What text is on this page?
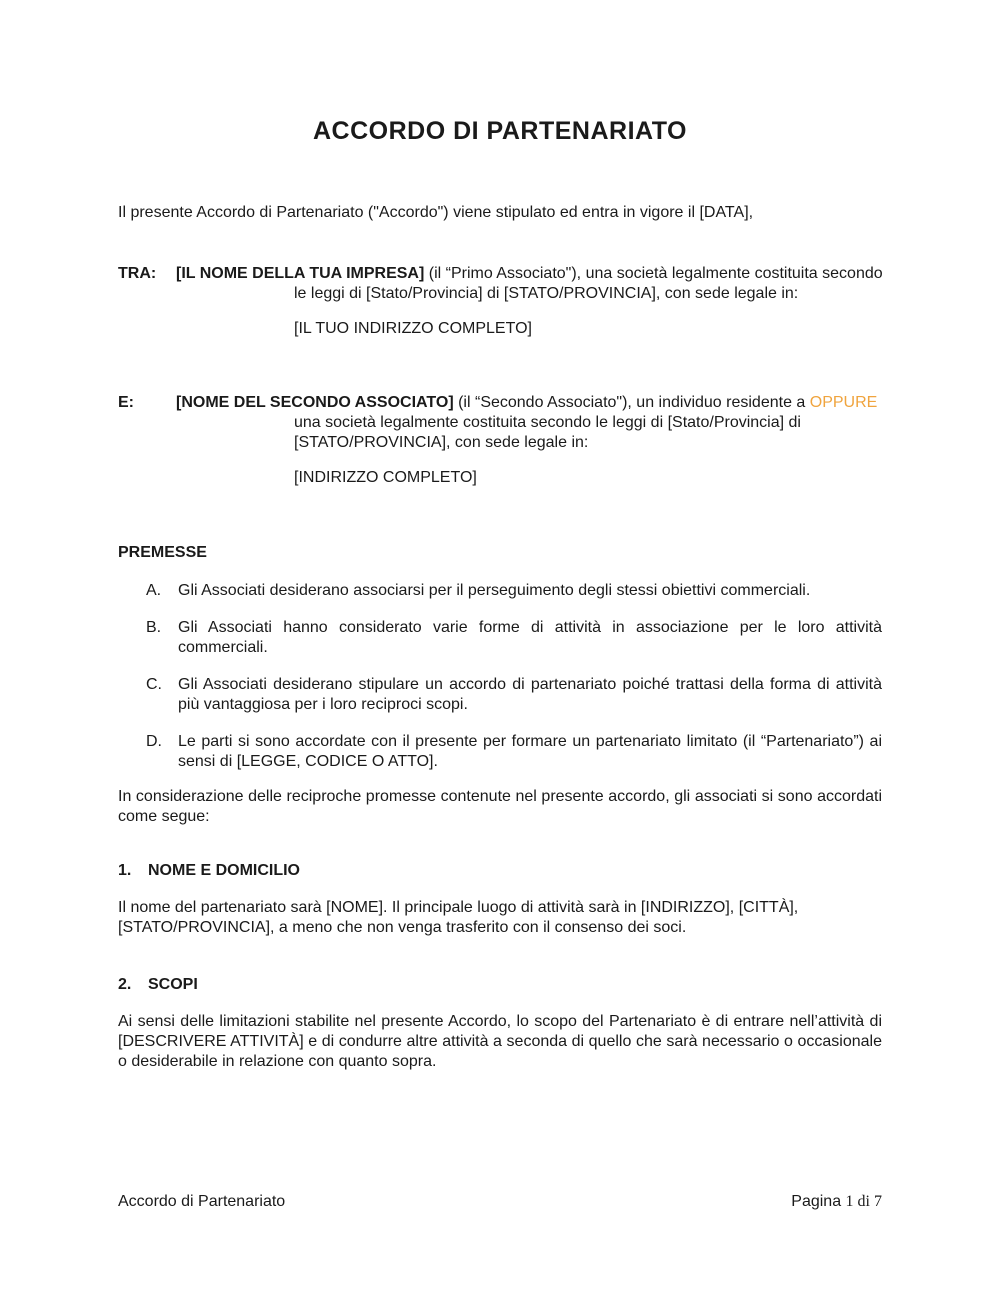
ACCORDO DI PARTENARIATO

Il presente Accordo di Partenariato ("Accordo") viene stipulato ed entra in vigore il [DATA],

TRA: [IL NOME DELLA TUA IMPRESA] (il “Primo Associato"), una società legalmente costituita secondo le leggi di [Stato/Provincia] di [STATO/PROVINCIA], con sede legale in:
[IL TUO INDIRIZZO COMPLETO]
E:	[NOME DEL SECONDO ASSOCIATO] (il “Secondo Associato"), un individuo residente a OPPURE una società legalmente costituita secondo le leggi di [Stato/Provincia] di [STATO/PROVINCIA], con sede legale in:
[INDIRIZZO COMPLETO]
PREMESSE
A.	Gli Associati desiderano associarsi per il perseguimento degli stessi obiettivi commerciali.
B.	Gli Associati hanno considerato varie forme di attività in associazione per le loro attività commerciali.
C.	Gli Associati desiderano stipulare un accordo di partenariato poiché trattasi della forma di attività più vantaggiosa per i loro reciproci scopi.
D.	Le parti si sono accordate con il presente per formare un partenariato limitato (il “Partenariato”) ai sensi di [LEGGE, CODICE O ATTO].

In considerazione delle reciproche promesse contenute nel presente accordo, gli associati si sono accordati come segue:

1.	NOME E DOMICILIO

Il nome del partenariato sarà [NOME]. Il principale luogo di attività sarà in [INDIRIZZO], [CITTÀ], [STATO/PROVINCIA], a meno che non venga trasferito con il consenso dei soci.

2.	SCOPI

Ai sensi delle limitazioni stabilite nel presente Accordo, lo scopo del Partenariato è di entrare nell’attività di [DESCRIVERE ATTIVITÀ] e di condurre altre attività a seconda di quello che sarà necessario o occasionale o desiderabile in relazione con quanto sopra.

Accordo di Partenariato	Pagina 1 di 7
